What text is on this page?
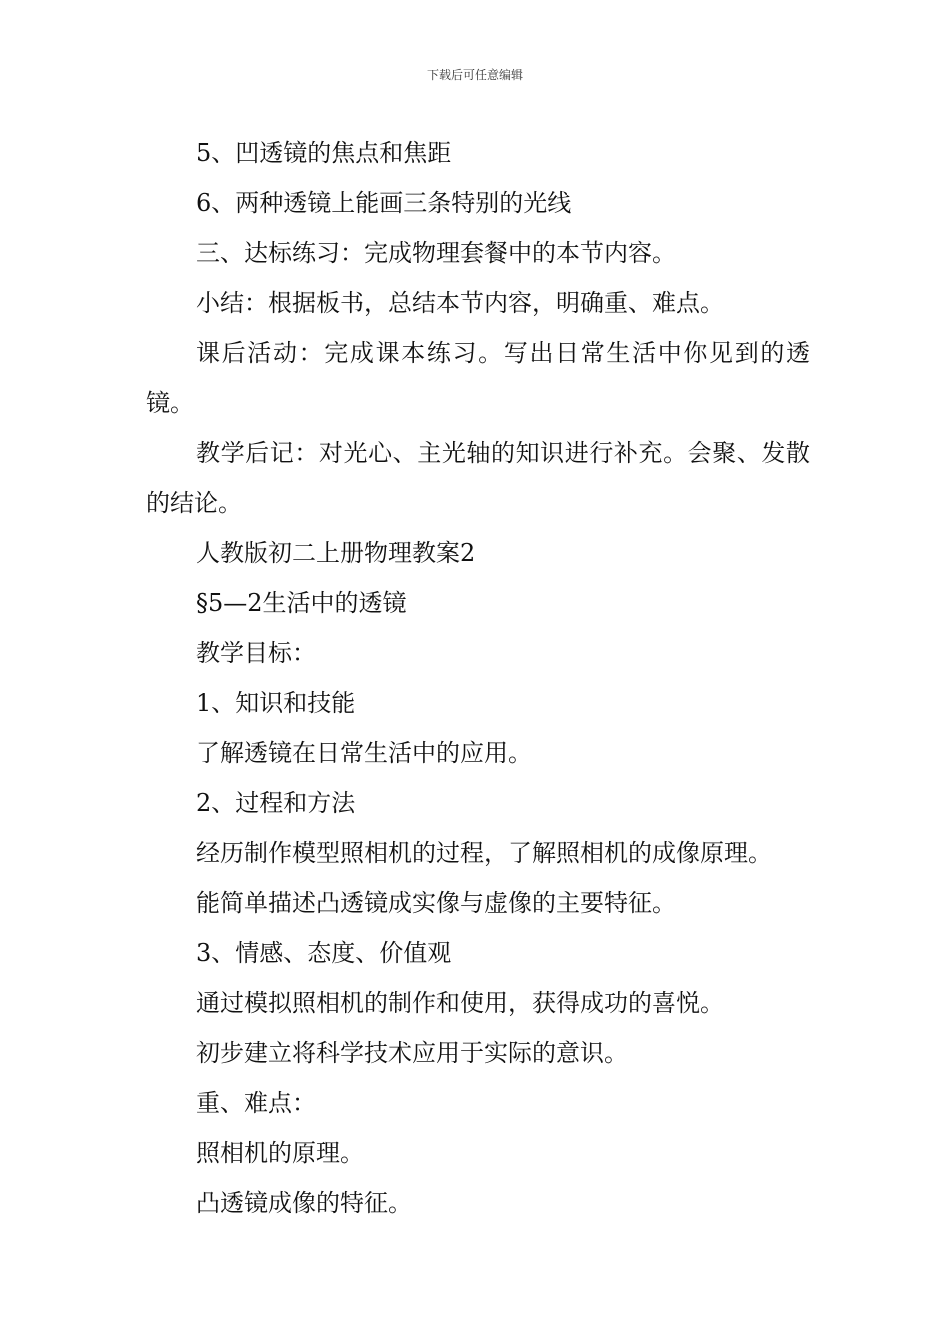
下载后可任意编辑
5、凹透镜的焦点和焦距
6、两种透镜上能画三条特别的光线
三、达标练习：完成物理套餐中的本节内容。
小结：根据板书，总结本节内容，明确重、难点。
课后活动：完成课本练习。写出日常生活中你见到的透镜。
教学后记：对光心、主光轴的知识进行补充。会聚、发散的结论。
人教版初二上册物理教案2
§5—2生活中的透镜
教学目标：
1、知识和技能
了解透镜在日常生活中的应用。
2、过程和方法
经历制作模型照相机的过程，了解照相机的成像原理。
能简单描述凸透镜成实像与虚像的主要特征。
3、情感、态度、价值观
通过模拟照相机的制作和使用，获得成功的喜悦。
初步建立将科学技术应用于实际的意识。
重、难点：
照相机的原理。
凸透镜成像的特征。
